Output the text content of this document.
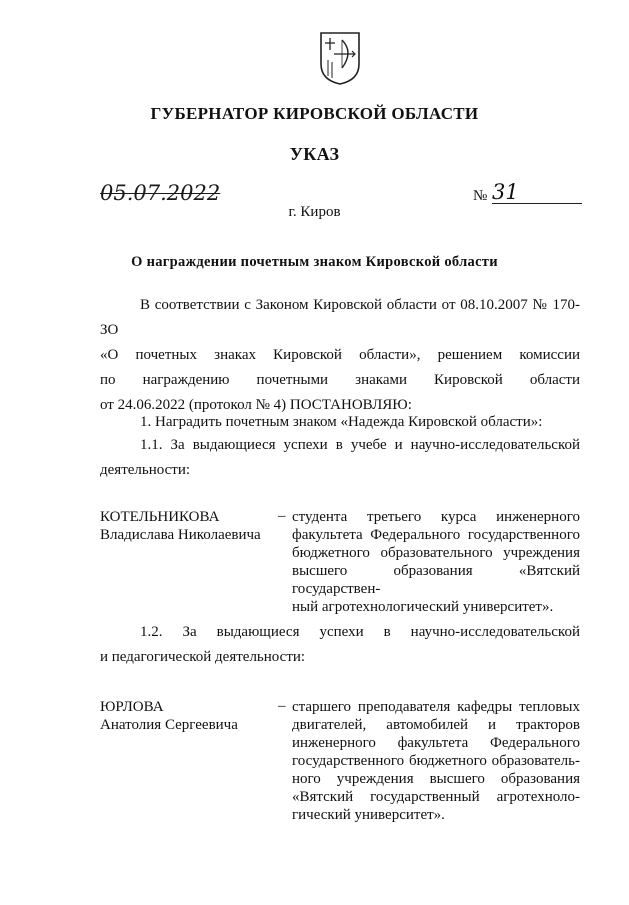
ГУБЕРНАТОР КИРОВСКОЙ ОБЛАСТИ
УКАЗ
05.07.2022	№ 31
г. Киров
О награждении почетным знаком Кировской области
В соответствии с Законом Кировской области от 08.10.2007 № 170-ЗО
«О почетных знаках Кировской области», решением комиссии
по награждению почетными знаками Кировской области
от 24.06.2022 (протокол № 4) ПОСТАНОВЛЯЮ:
1. Наградить почетным знаком «Надежда Кировской области»:
1.1. За выдающиеся успехи в учебе и научно-исследовательской
деятельности:
КОТЕЛЬНИКОВА
Владислава Николаевича
– студента третьего курса инженерного
факультета Федерального государственного
бюджетного образовательного учреждения
высшего образования «Вятский государствен-
ный агротехнологический университет».
1.2. За выдающиеся успехи в научно-исследовательской
и педагогической деятельности:
ЮРЛОВА
Анатолия Сергеевича
– старшего преподавателя кафедры тепловых
двигателей, автомобилей и тракторов
инженерного факультета Федерального
государственного бюджетного образователь-
ного учреждения высшего образования
«Вятский государственный агротехноло-
гический университет».
